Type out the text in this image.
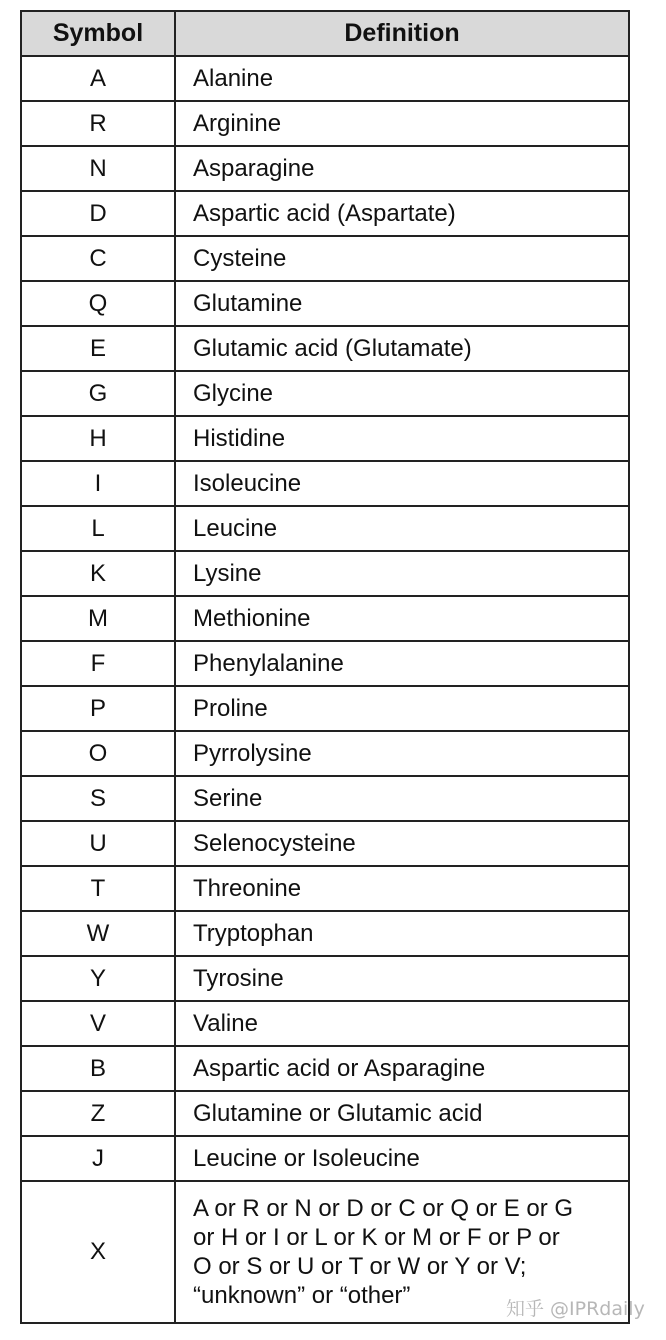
Symbol	Definition
A	Alanine
R	Arginine
N	Asparagine
D	Aspartic acid (Aspartate)
C	Cysteine
Q	Glutamine
E	Glutamic acid (Glutamate)
G	Glycine
H	Histidine
I	Isoleucine
L	Leucine
K	Lysine
M	Methionine
F	Phenylalanine
P	Proline
O	Pyrrolysine
S	Serine
U	Selenocysteine
T	Threonine
W	Tryptophan
Y	Tyrosine
V	Valine
B	Aspartic acid or Asparagine
Z	Glutamine or Glutamic acid
J	Leucine or Isoleucine
X	A or R or N or D or C or Q or E or G
or H or I or L or K or M or F or P or
O or S or U or T or W or Y or V;
“unknown” or “other”	知乎 @IPRdaily
